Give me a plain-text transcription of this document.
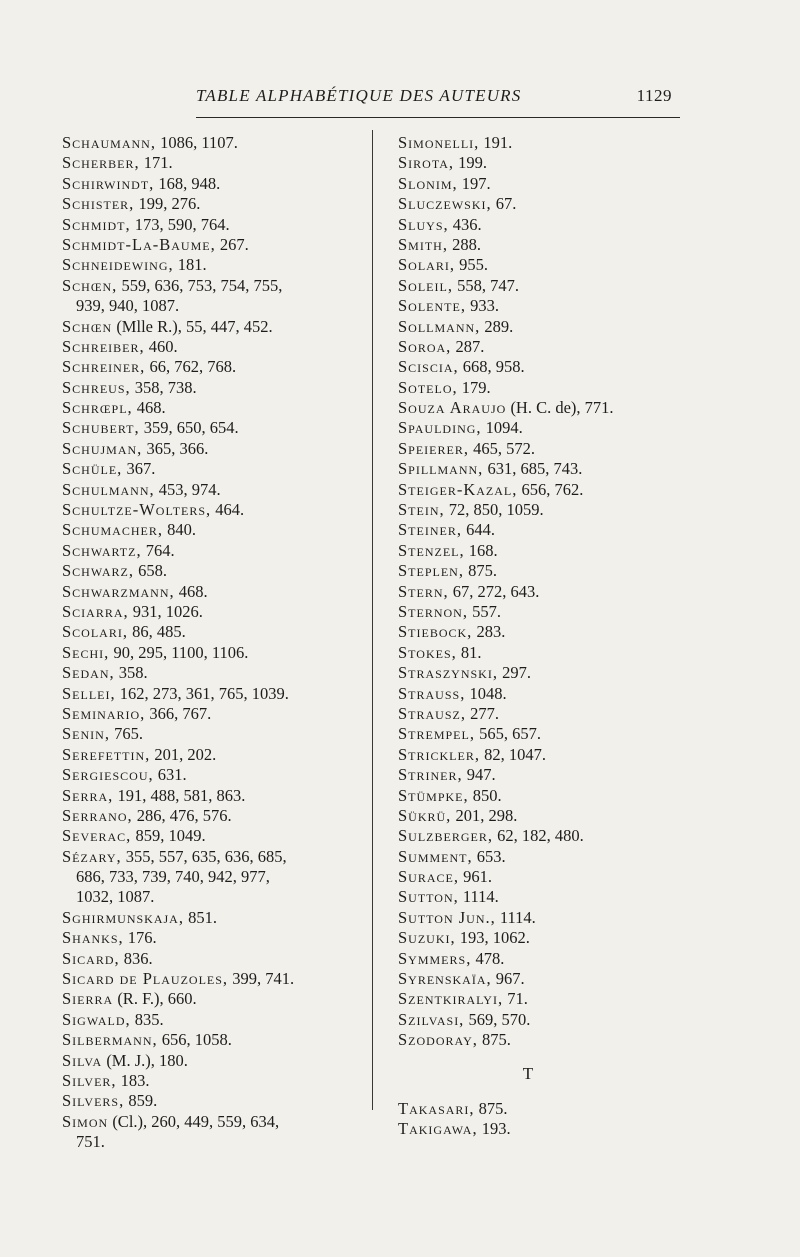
TABLE ALPHABÉTIQUE DES AUTEURS	1129
Schaumann, 1086, 1107.
Scherber, 171.
Schirwindt, 168, 948.
Schister, 199, 276.
Schmidt, 173, 590, 764.
Schmidt-La-Baume, 267.
Schneidewing, 181.
Schœn, 559, 636, 753, 754, 755,
939, 940, 1087.
Schœn (Mlle R.), 55, 447, 452.
Schreiber, 460.
Schreiner, 66, 762, 768.
Schreus, 358, 738.
Schrœpl, 468.
Schubert, 359, 650, 654.
Schujman, 365, 366.
Schüle, 367.
Schulmann, 453, 974.
Schultze-Wolters, 464.
Schumacher, 840.
Schwartz, 764.
Schwarz, 658.
Schwarzmann, 468.
Sciarra, 931, 1026.
Scolari, 86, 485.
Sechi, 90, 295, 1100, 1106.
Sedan, 358.
Sellei, 162, 273, 361, 765, 1039.
Seminario, 366, 767.
Senin, 765.
Serefettin, 201, 202.
Sergiescou, 631.
Serra, 191, 488, 581, 863.
Serrano, 286, 476, 576.
Severac, 859, 1049.
Sézary, 355, 557, 635, 636, 685,
686, 733, 739, 740, 942, 977,
1032, 1087.
Sghirmunskaja, 851.
Shanks, 176.
Sicard, 836.
Sicard de Plauzoles, 399, 741.
Sierra (R. F.), 660.
Sigwald, 835.
Silbermann, 656, 1058.
Silva (M. J.), 180.
Silver, 183.
Silvers, 859.
Simon (Cl.), 260, 449, 559, 634,
751.
Simonelli, 191.
Sirota, 199.
Slonim, 197.
Sluczewski, 67.
Sluys, 436.
Smith, 288.
Solari, 955.
Soleil, 558, 747.
Solente, 933.
Sollmann, 289.
Soroa, 287.
Sciscia, 668, 958.
Sotelo, 179.
Souza Araujo (H. C. de), 771.
Spaulding, 1094.
Speierer, 465, 572.
Spillmann, 631, 685, 743.
Steiger-Kazal, 656, 762.
Stein, 72, 850, 1059.
Steiner, 644.
Stenzel, 168.
Steplen, 875.
Stern, 67, 272, 643.
Sternon, 557.
Stiebock, 283.
Stokes, 81.
Straszynski, 297.
Strauss, 1048.
Strausz, 277.
Strempel, 565, 657.
Strickler, 82, 1047.
Striner, 947.
Stümpke, 850.
Sükrü, 201, 298.
Sulzberger, 62, 182, 480.
Summent, 653.
Surace, 961.
Sutton, 1114.
Sutton Jun., 1114.
Suzuki, 193, 1062.
Symmers, 478.
Syrenskaïa, 967.
Szentkiralyi, 71.
Szilvasi, 569, 570.
Szodoray, 875.
T
Takasari, 875.
Takigawa, 193.
